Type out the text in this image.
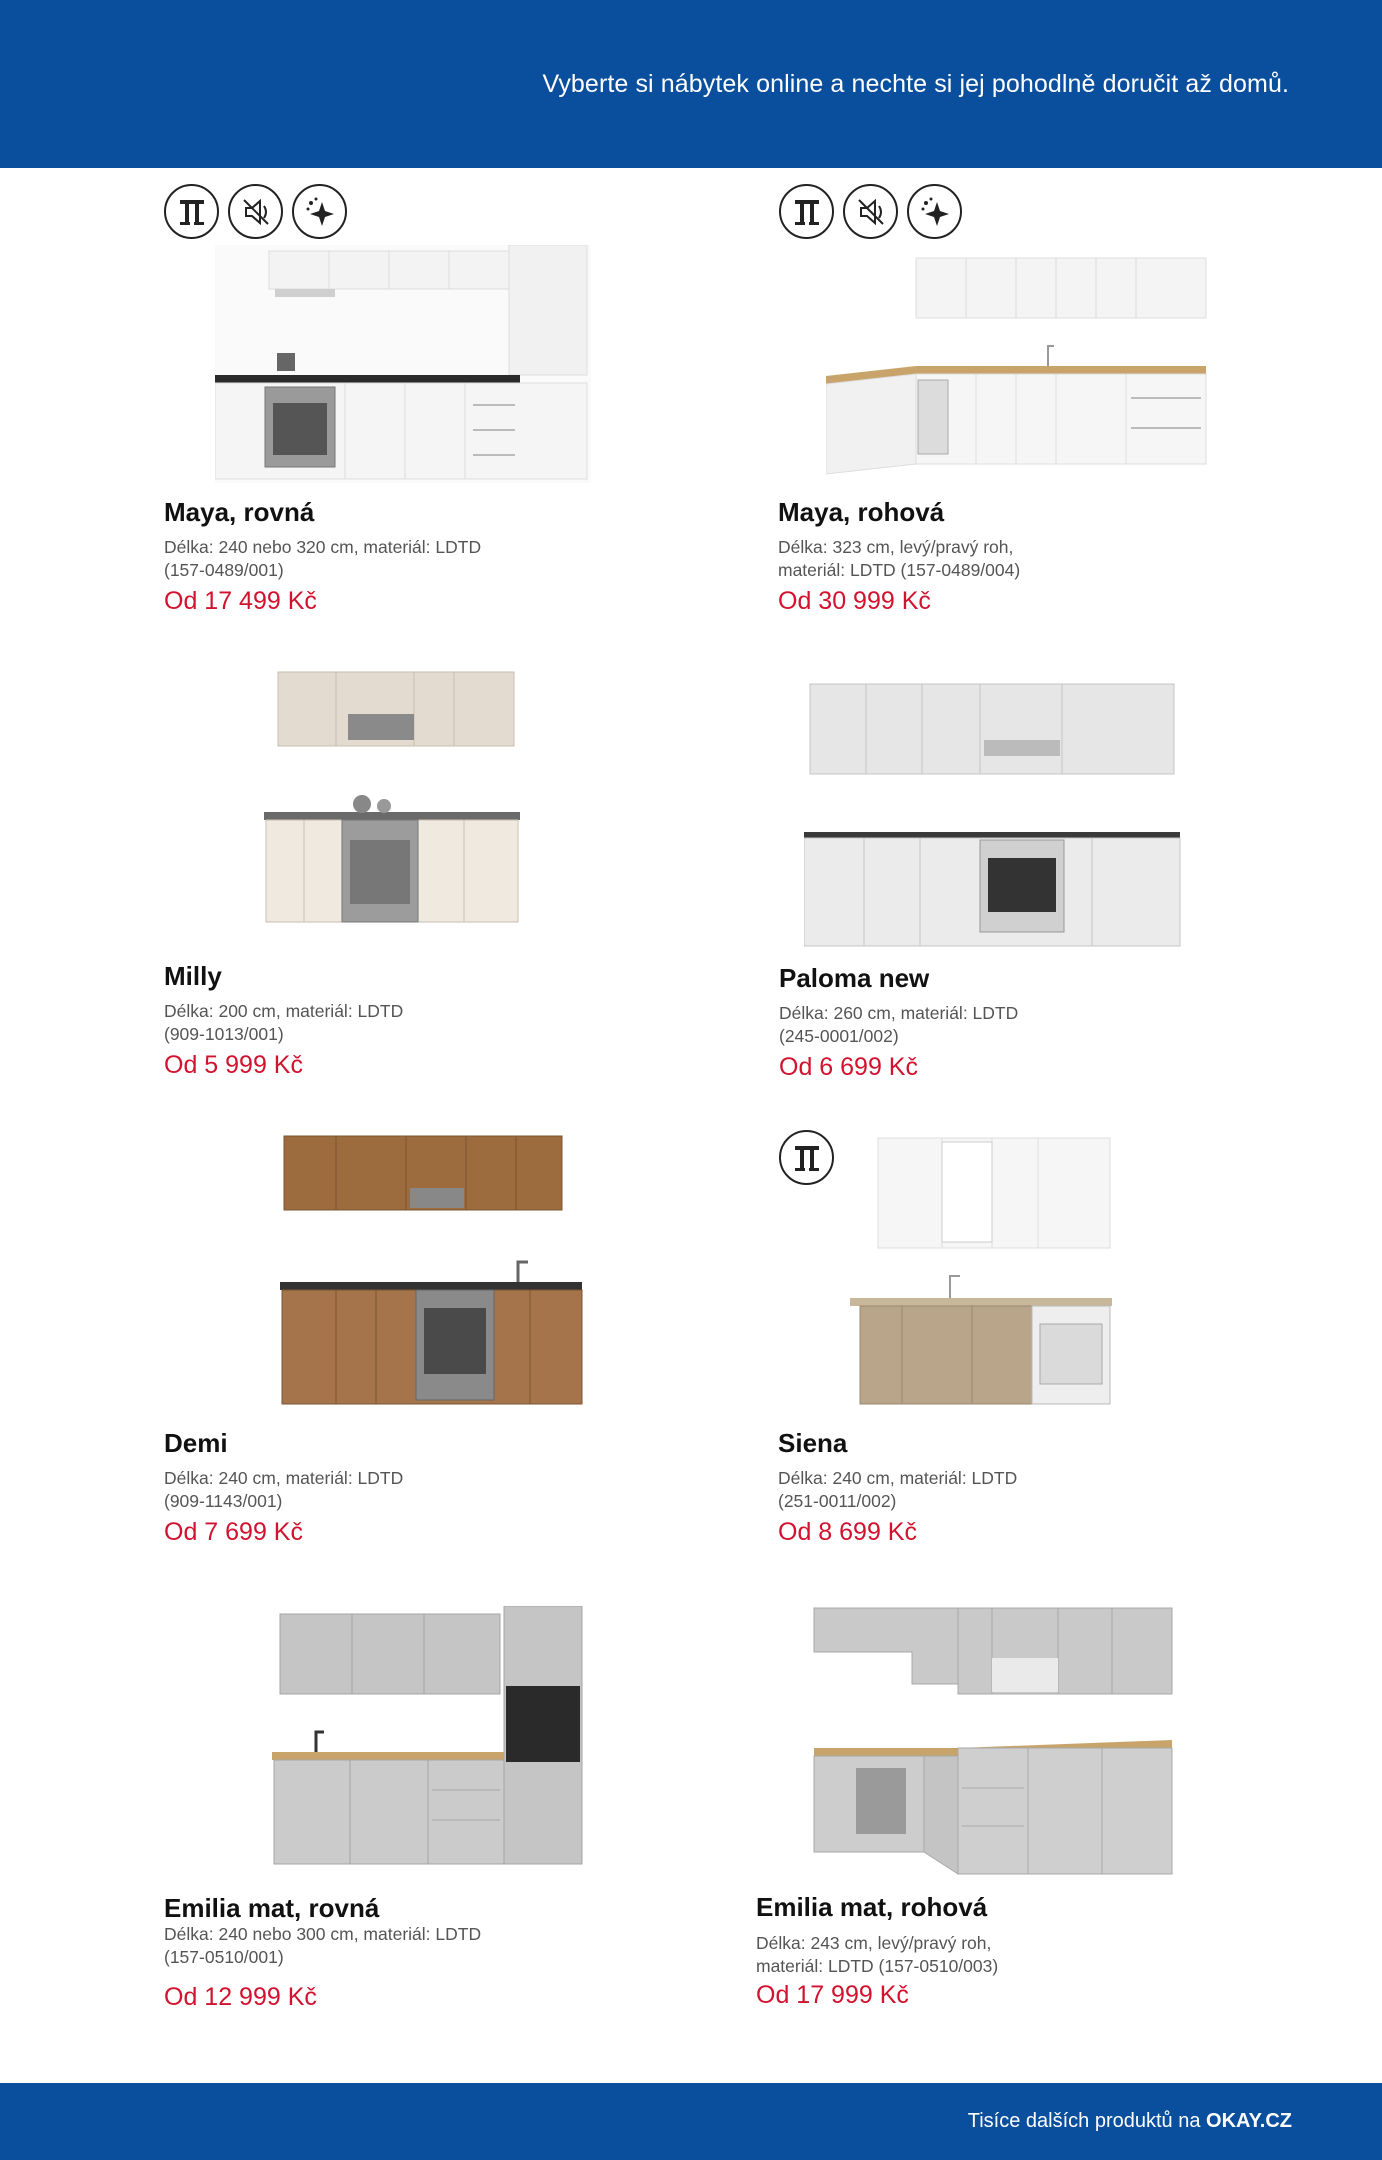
Vyberte si nábytek online a nechte si jej pohodlně doručit až domů.
Maya, rovná
Délka: 240 nebo 320 cm, materiál: LDTD
(157-0489/001)
Od 17 499 Kč
Maya, rohová
Délka: 323 cm, levý/pravý roh,
materiál: LDTD (157-0489/004)
Od 30 999 Kč
Milly
Délka: 200 cm, materiál: LDTD
(909-1013/001)
Od 5 999 Kč
Paloma new
Délka: 260 cm, materiál: LDTD
(245-0001/002)
Od 6 699 Kč
Demi
Délka: 240 cm, materiál: LDTD
(909-1143/001)
Od 7 699 Kč
Siena
Délka: 240 cm, materiál: LDTD
(251-0011/002)
Od 8 699 Kč
Emilia mat, rovná
Délka: 240 nebo 300 cm, materiál: LDTD
(157-0510/001)
Od 12 999 Kč
Emilia mat, rohová
Délka: 243 cm, levý/pravý roh,
materiál: LDTD (157-0510/003)
Od 17 999 Kč
Tisíce dalších produktů na OKAY.CZ
